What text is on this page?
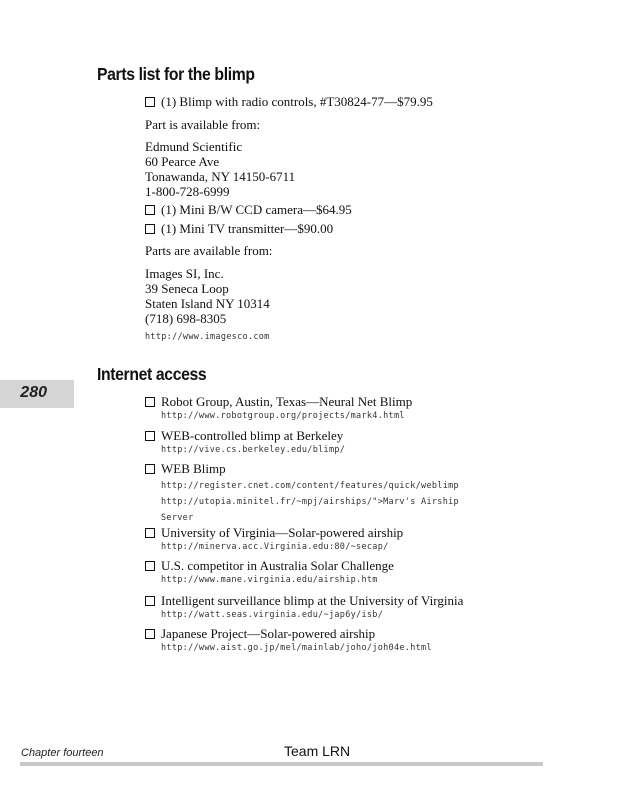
Parts list for the blimp
(1) Blimp with radio controls, #T30824-77—$79.95
Part is available from:
Edmund Scientific
60 Pearce Ave
Tonawanda, NY 14150-6711
1-800-728-6999
(1) Mini B/W CCD camera—$64.95
(1) Mini TV transmitter—$90.00
Parts are available from:
Images SI, Inc.
39 Seneca Loop
Staten Island NY 10314
(718) 698-8305
http://www.imagesco.com
280
Internet access
Robot Group, Austin, Texas—Neural Net Blimp
http://www.robotgroup.org/projects/mark4.html
WEB-controlled blimp at Berkeley
http://vive.cs.berkeley.edu/blimp/
WEB Blimp
http://register.cnet.com/content/features/quick/weblimp
http://utopia.minitel.fr/~mpj/airships/">Marv's Airship
Server
University of Virginia—Solar-powered airship
http://minerva.acc.Virginia.edu:80/~secap/
U.S. competitor in Australia Solar Challenge
http://www.mane.virginia.edu/airship.htm
Intelligent surveillance blimp at the University of Virginia
http://watt.seas.virginia.edu/~jap6y/isb/
Japanese Project—Solar-powered airship
http://www.aist.go.jp/mel/mainlab/joho/joh04e.html
Chapter fourteen	Team LRN
